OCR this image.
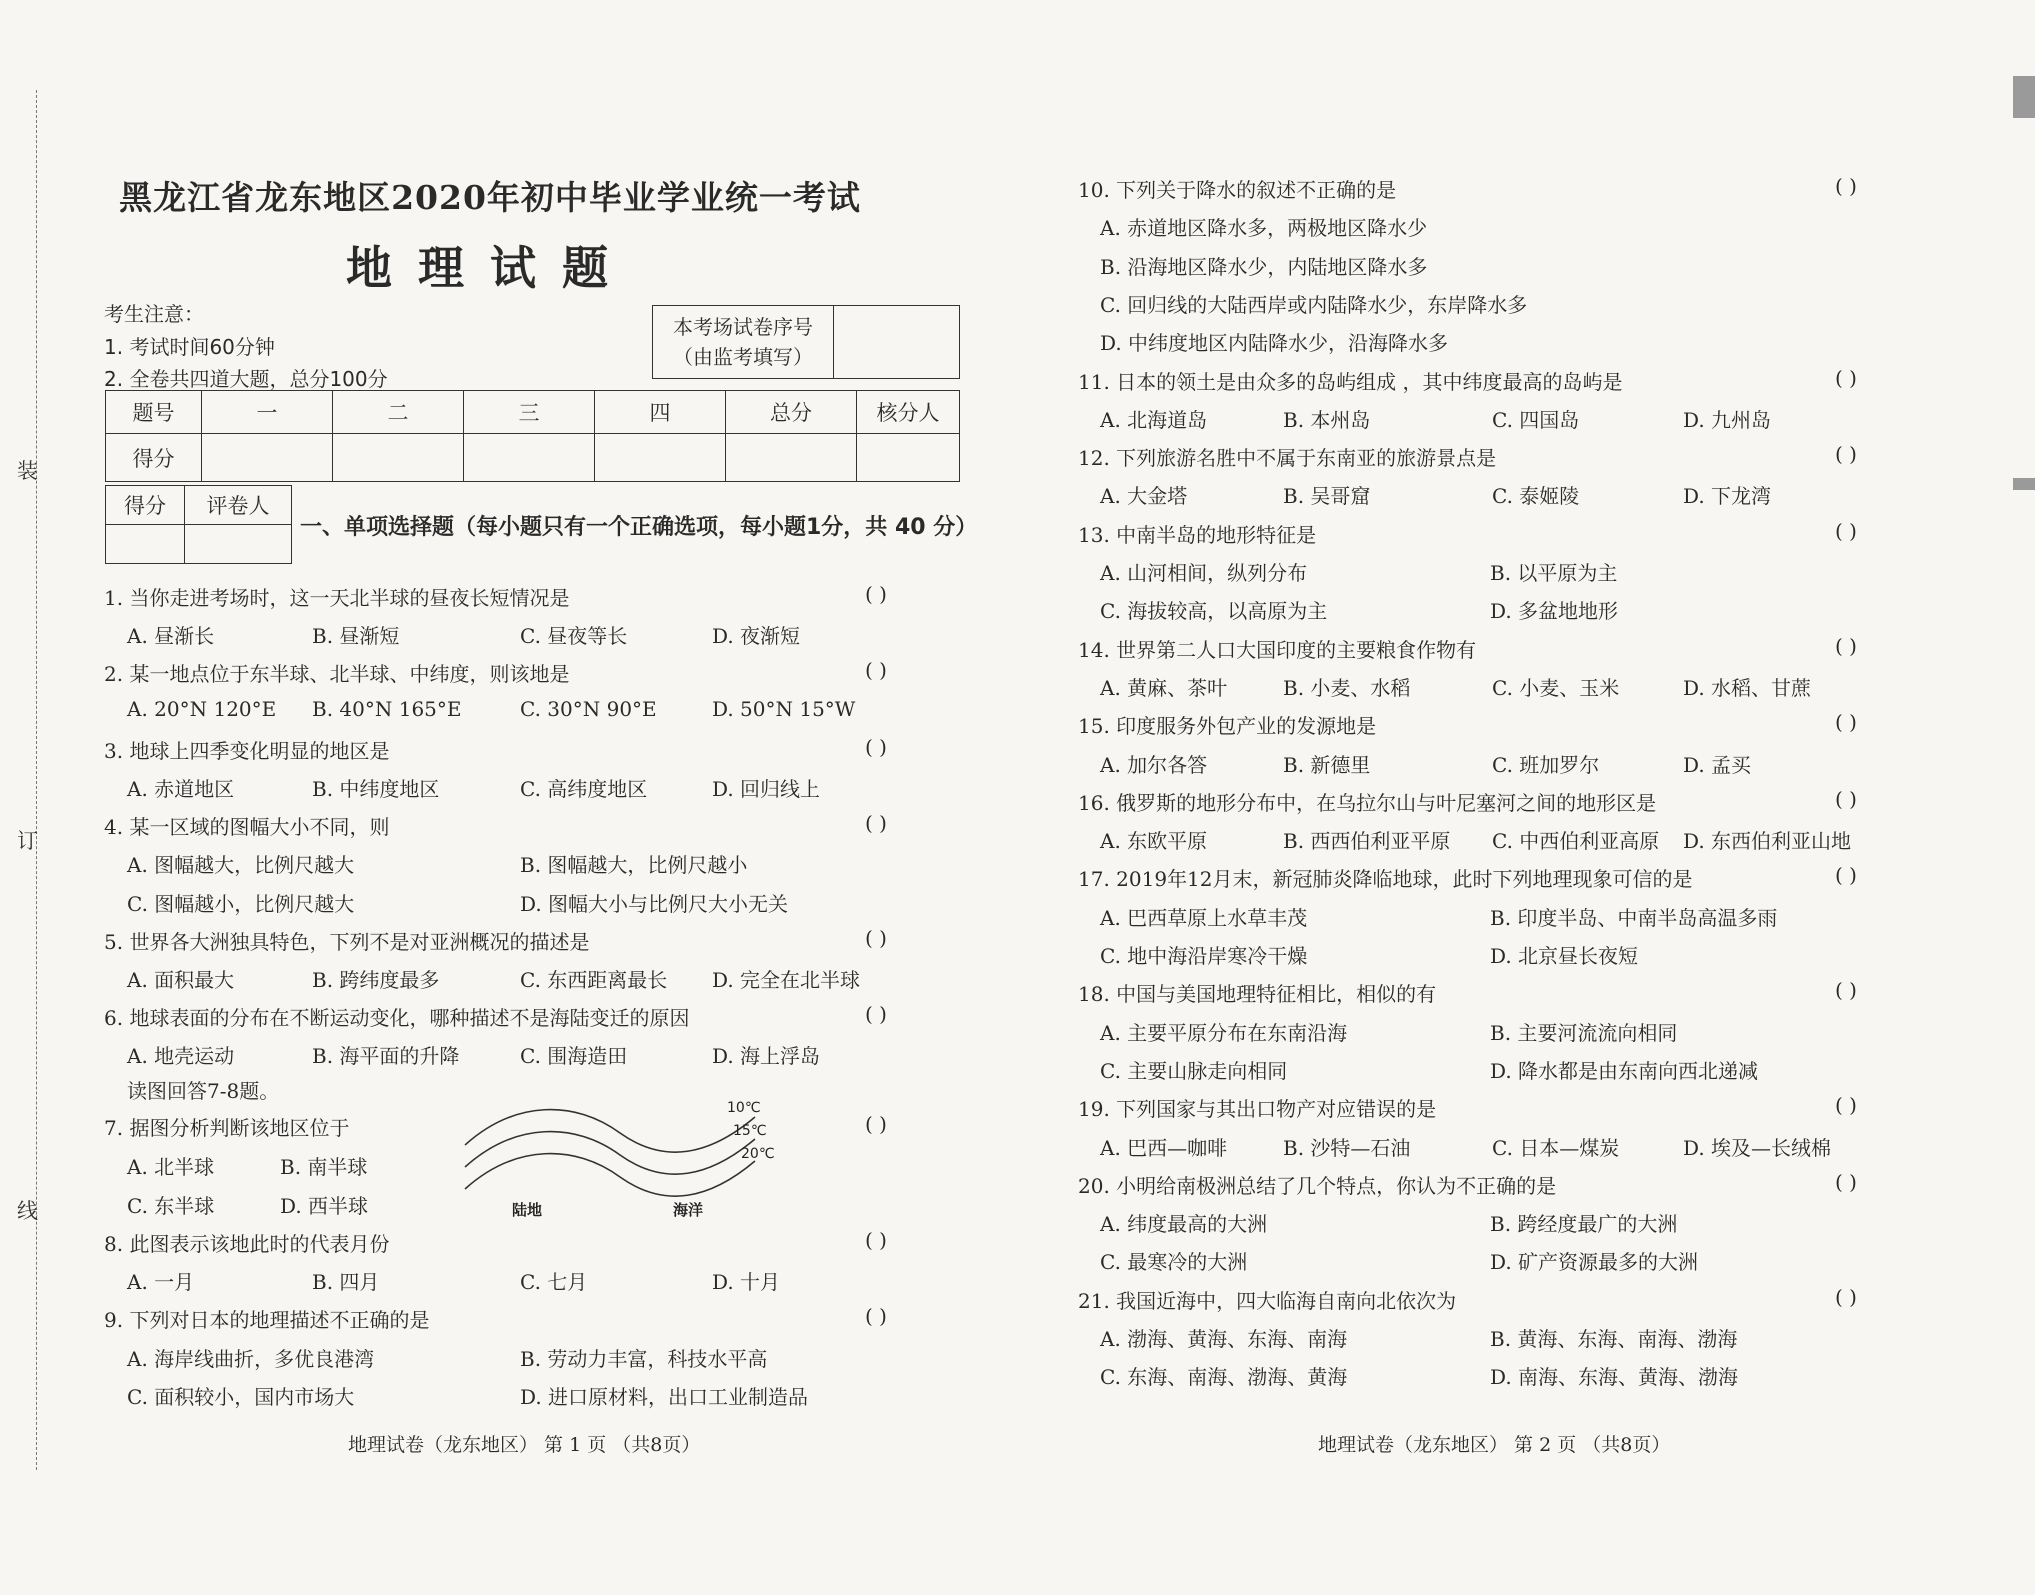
装
订
线
黑龙江省龙东地区2020年初中毕业学业统一考试
地理试题
考生注意：
1. 考试时间60分钟
2. 全卷共四道大题，总分100分
本考场试卷序号
（由监考填写）

题号	一	二	三	四	总分	核分人
得分						
得分	评卷人

一、单项选择题（每小题只有一个正确选项，每小题1分，共 40 分）
1. 当你走进考场时，这一天北半球的昼夜长短情况是	( )
A. 昼渐长	B. 昼渐短	C. 昼夜等长	D. 夜渐短
2. 某一地点位于东半球、北半球、中纬度，则该地是	( )
A. 20°N 120°E B. 40°N 165°E	C. 30°N 90°E	D. 50°N 15°W
3. 地球上四季变化明显的地区是	( )
A. 赤道地区	B. 中纬度地区	C. 高纬度地区	D. 回归线上
4. 某一区域的图幅大小不同，则	( )
A. 图幅越大，比例尺越大	B. 图幅越大，比例尺越小
C. 图幅越小，比例尺越大	D. 图幅大小与比例尺大小无关
5. 世界各大洲独具特色，下列不是对亚洲概况的描述是	( )
A. 面积最大	B. 跨纬度最多	C. 东西距离最长 D. 完全在北半球
6. 地球表面的分布在不断运动变化，哪种描述不是海陆变迁的原因	( )
A. 地壳运动	B. 海平面的升降	C. 围海造田	D. 海上浮岛
读图回答7-8题。
7. 据图分析判断该地区位于	( )
A. 北半球	B. 南半球
C. 东半球	D. 西半球
10℃
15℃
20℃
陆地	海洋
8. 此图表示该地此时的代表月份	( )
A. 一月	B. 四月	C. 七月	D. 十月
9. 下列对日本的地理描述不正确的是	( )
A. 海岸线曲折，多优良港湾	B. 劳动力丰富，科技水平高
C. 面积较小，国内市场大	D. 进口原材料，出口工业制造品
地理试卷（龙东地区） 第 1 页 （共8页）
10. 下列关于降水的叙述不正确的是	( )
A. 赤道地区降水多，两极地区降水少
B. 沿海地区降水少，内陆地区降水多
C. 回归线的大陆西岸或内陆降水少，东岸降水多
D. 中纬度地区内陆降水少，沿海降水多
11. 日本的领土是由众多的岛屿组成 ，其中纬度最高的岛屿是	( )
A. 北海道岛	B. 本州岛	C. 四国岛	D. 九州岛
12. 下列旅游名胜中不属于东南亚的旅游景点是	( )
A. 大金塔	B. 吴哥窟	C. 泰姬陵	D. 下龙湾
13. 中南半岛的地形特征是	( )
A. 山河相间，纵列分布	B. 以平原为主
C. 海拔较高，以高原为主	D. 多盆地地形
14. 世界第二人口大国印度的主要粮食作物有	( )
A. 黄麻、茶叶	B. 小麦、水稻	C. 小麦、玉米	D. 水稻、甘蔗
15. 印度服务外包产业的发源地是	( )
A. 加尔各答	B. 新德里	C. 班加罗尔	D. 孟买
16. 俄罗斯的地形分布中，在乌拉尔山与叶尼塞河之间的地形区是	( )
A. 东欧平原	B. 西西伯利亚平原 C. 中西伯利亚高原 D. 东西伯利亚山地
17. 2019年12月末，新冠肺炎降临地球，此时下列地理现象可信的是	( )
A. 巴西草原上水草丰茂	B. 印度半岛、中南半岛高温多雨
C. 地中海沿岸寒冷干燥	D. 北京昼长夜短
18. 中国与美国地理特征相比，相似的有	( )
A. 主要平原分布在东南沿海	B. 主要河流流向相同
C. 主要山脉走向相同	D. 降水都是由东南向西北递减
19. 下列国家与其出口物产对应错误的是	( )
A. 巴西—咖啡	B. 沙特—石油	C. 日本—煤炭	D. 埃及—长绒棉
20. 小明给南极洲总结了几个特点，你认为不正确的是	( )
A. 纬度最高的大洲	B. 跨经度最广的大洲
C. 最寒冷的大洲	D. 矿产资源最多的大洲
21. 我国近海中，四大临海自南向北依次为	( )
A. 渤海、黄海、东海、南海	B. 黄海、东海、南海、渤海
C. 东海、南海、渤海、黄海	D. 南海、东海、黄海、渤海
地理试卷（龙东地区） 第 2 页 （共8页）
